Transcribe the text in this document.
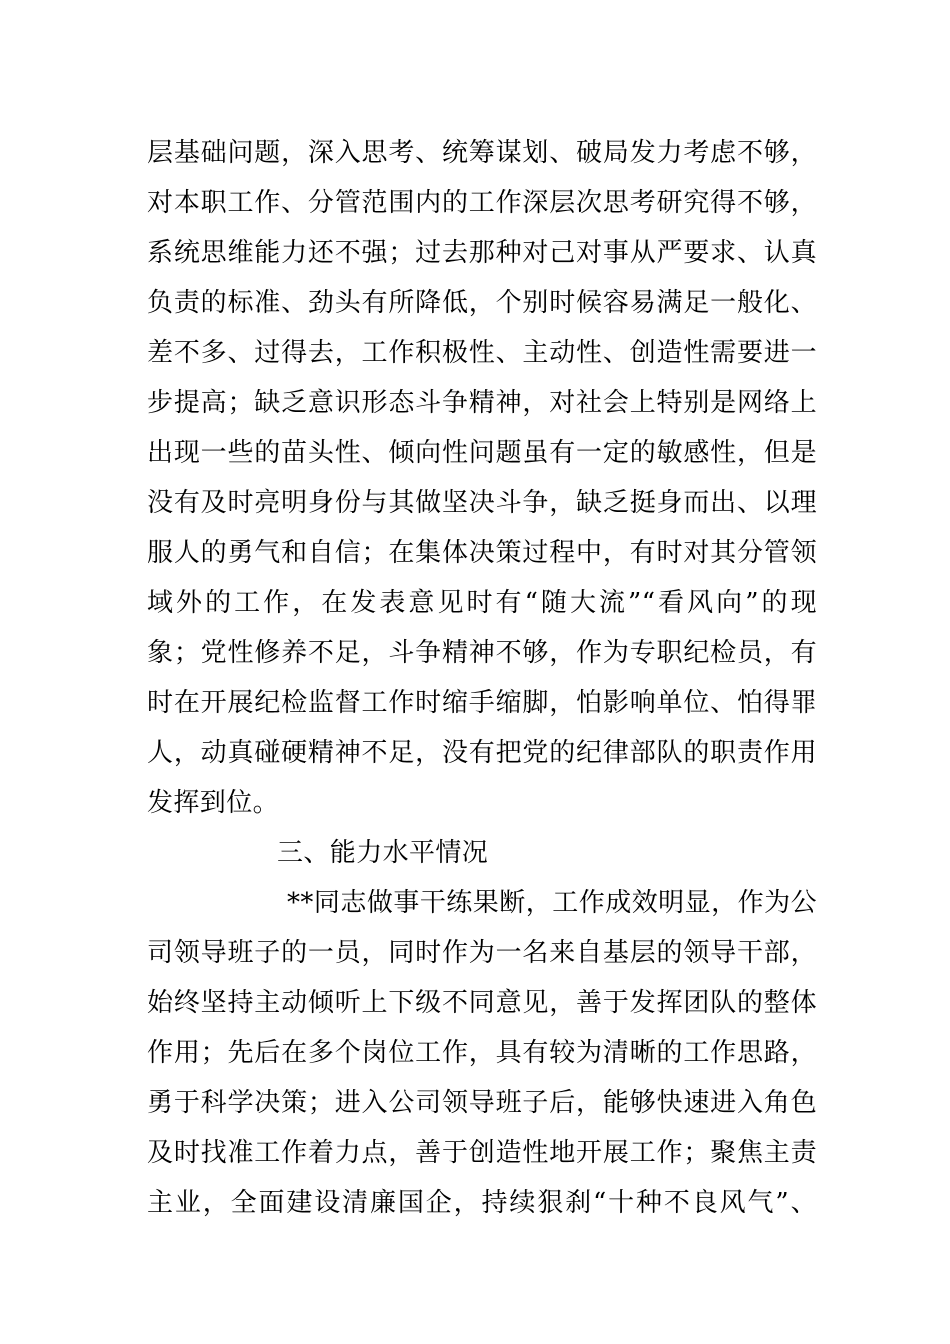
层基础问题，深入思考、统筹谋划、破局发力考虑不够，
对本职工作、分管范围内的工作深层次思考研究得不够，
系统思维能力还不强；过去那种对己对事从严要求、认真
负责的标准、劲头有所降低，个别时候容易满足一般化、
差不多、过得去，工作积极性、主动性、创造性需要进一
步提高；缺乏意识形态斗争精神，对社会上特别是网络上
出现一些的苗头性、倾向性问题虽有一定的敏感性，但是
没有及时亮明身份与其做坚决斗争，缺乏挺身而出、以理
服人的勇气和自信；在集体决策过程中，有时对其分管领
域外的工作，在发表意见时有“随大流”“看风向”的现
象；党性修养不足，斗争精神不够，作为专职纪检员，有
时在开展纪检监督工作时缩手缩脚，怕影响单位、怕得罪
人，动真碰硬精神不足，没有把党的纪律部队的职责作用
发挥到位。
三、能力水平情况
**同志做事干练果断，工作成效明显，作为公
司领导班子的一员，同时作为一名来自基层的领导干部，
始终坚持主动倾听上下级不同意见，善于发挥团队的整体
作用；先后在多个岗位工作，具有较为清晰的工作思路，
勇于科学决策；进入公司领导班子后，能够快速进入角色
及时找准工作着力点，善于创造性地开展工作；聚焦主责
主业，全面建设清廉国企，持续狠刹“十种不良风气”、
